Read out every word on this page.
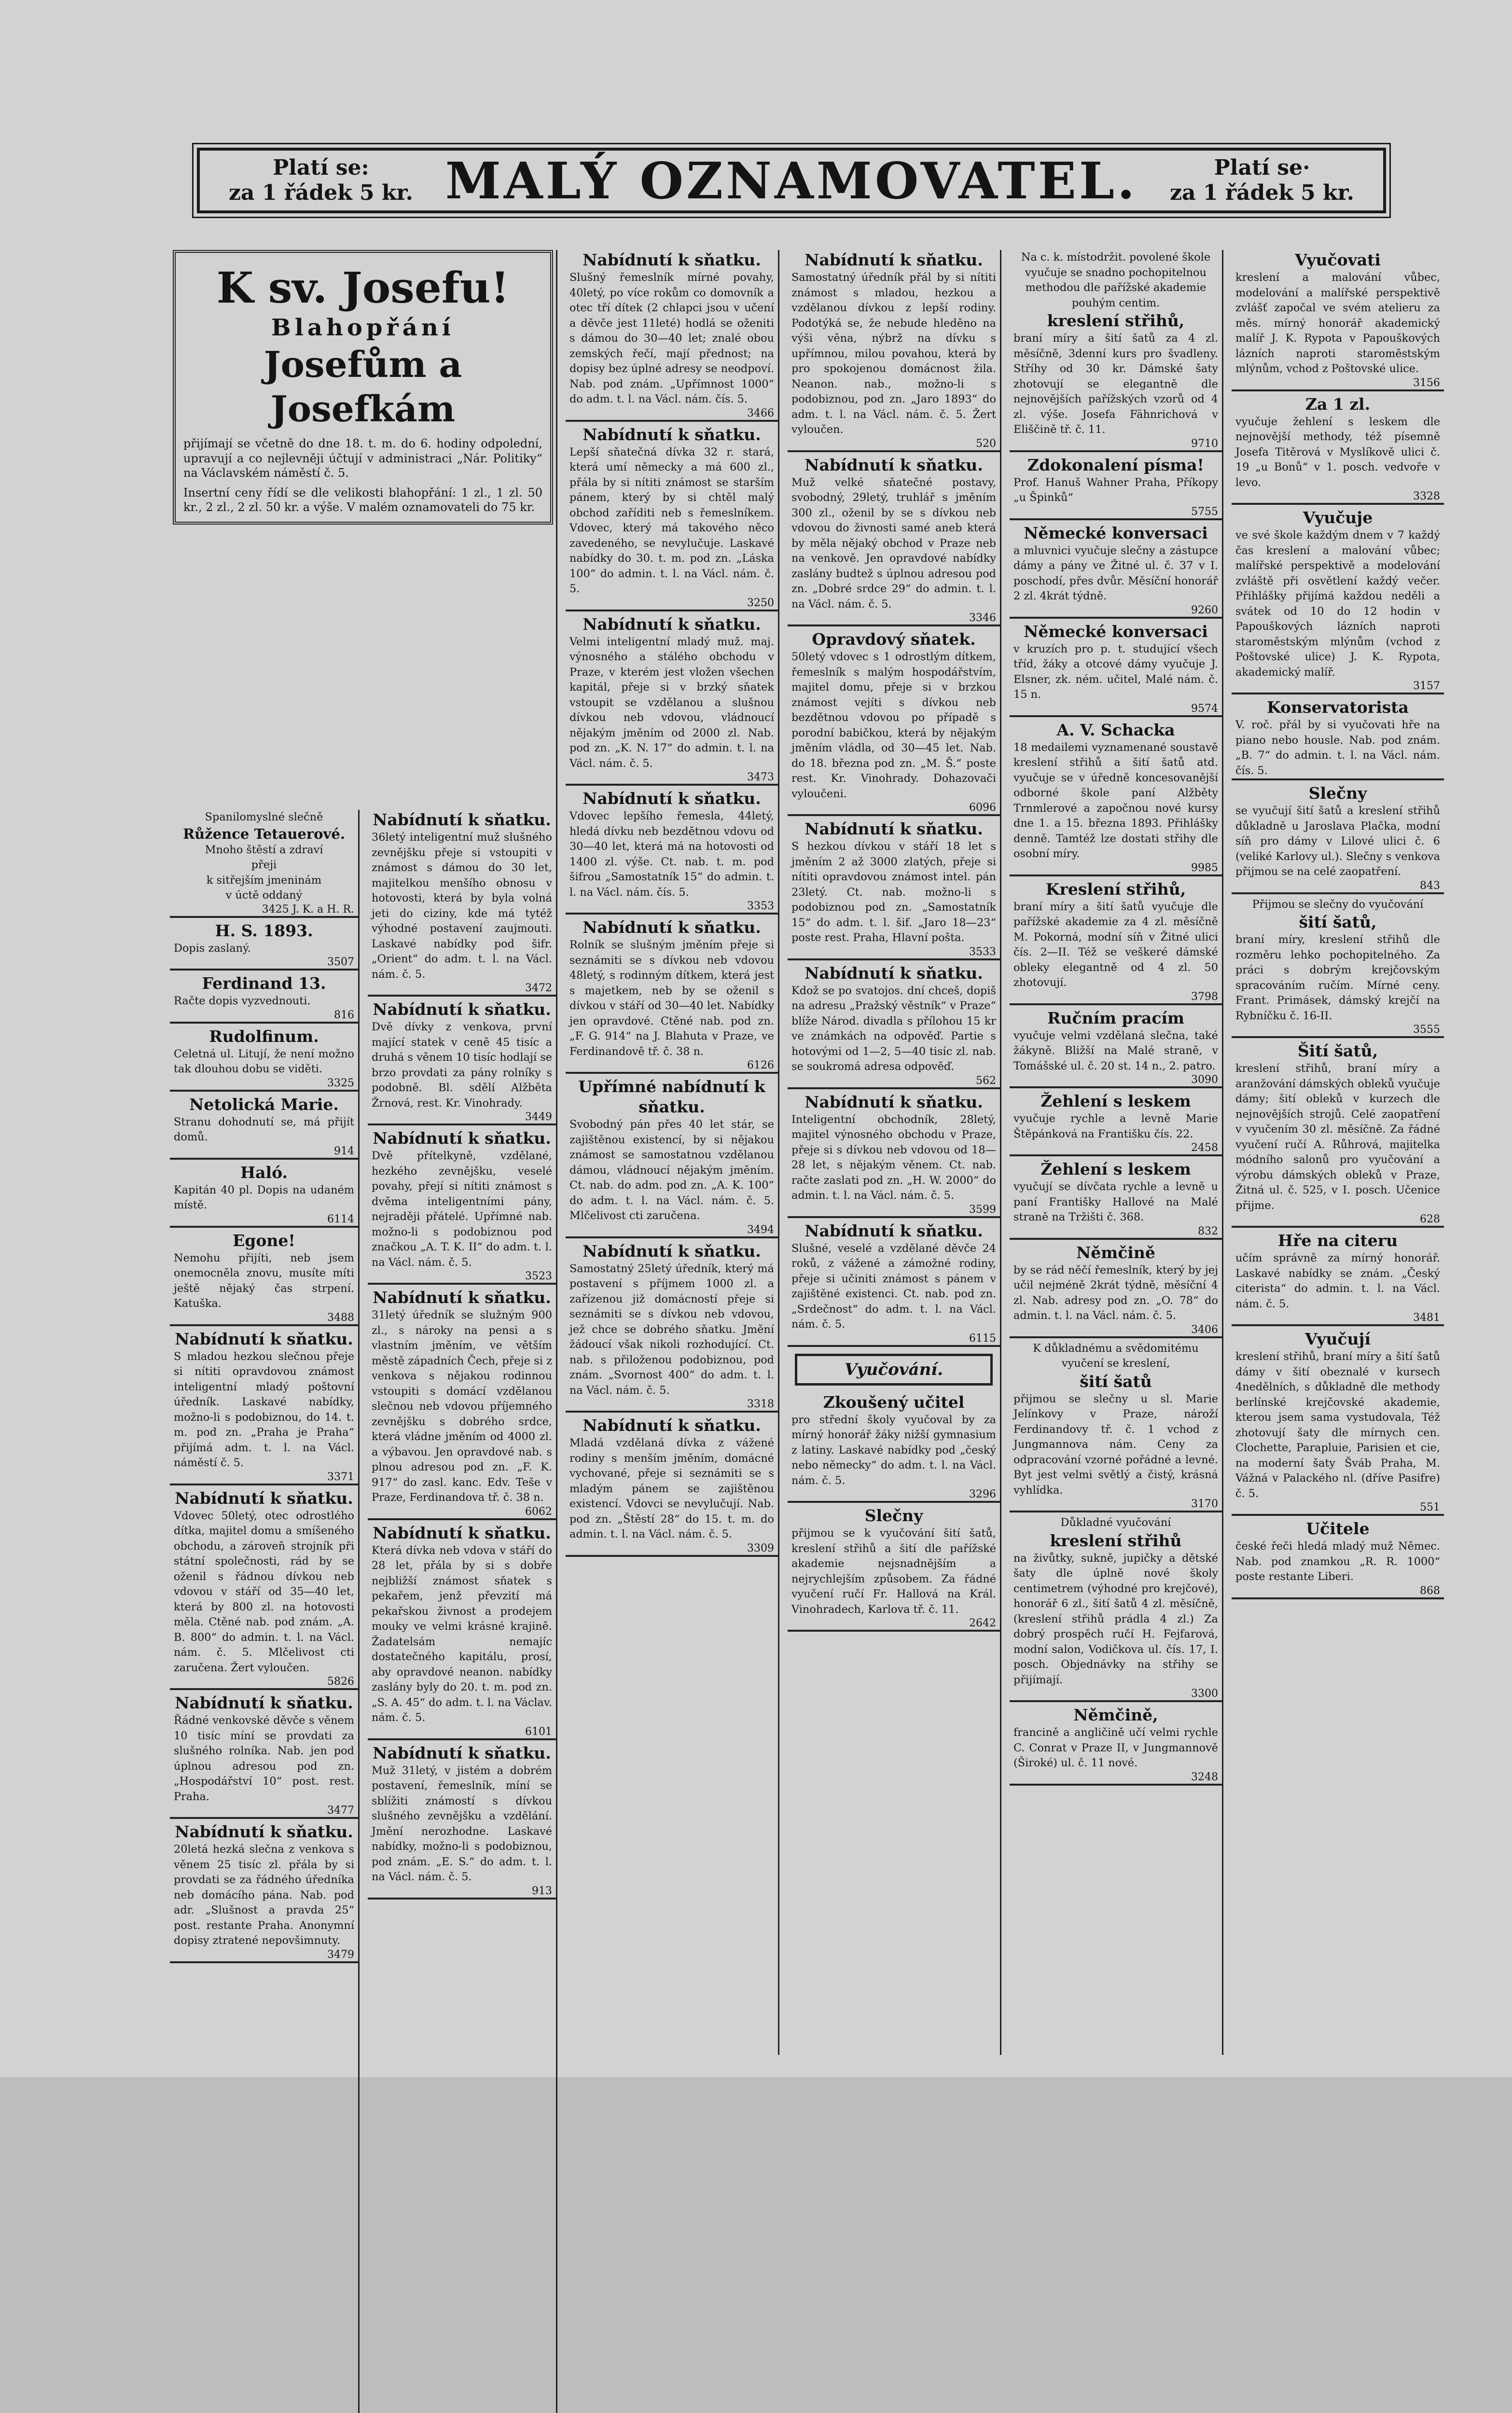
Platí se:
za 1 řádek 5 kr. MALÝ OZNAMOVATEL.	Platí se·
za 1 řádek 5 kr.
K sv. Josefu!
Blahopřání
Josefům a Josefkám
přijímají se včetně do dne 18. t. m. do 6. hodiny odpolední, upravují a co nejlevněji účtují v administraci „Nár. Politiky“ na Václavském náměstí č. 5.
Insertní ceny řídí se dle velikosti blahopřání: 1 zl., 1 zl. 50 kr., 2 zl., 2 zl. 50 kr. a výše. V malém oznamovateli do 75 kr.
Spanilomyslné slečně
Růžence Tetauerové.
Mnoho štěstí a zdraví
přeji
k sitřejším jmeninám
v úctě oddaný
3425 J. K. a H. R.
H. S. 1893.
Dopis zaslaný.
3507
Ferdinand 13.
Račte dopis vyzvednouti.
816
Rudolfinum.
Celetná ul. Litují, že není možno tak dlouhou dobu se viděti.
3325
Netolická Marie.
Stranu dohodnutí se, má přijít domů.
914
Haló.
Kapitán 40 pl. Dopis na udaném místě.
6114
Egone!
Nemohu přijíti, neb jsem onemocněla znovu, musíte míti ještě nějaký čas strpení. Katuška.
3488
Nabídnutí k sňatku.
S mladou hezkou slečnou přeje si nítiti opravdovou známost inteligentní mladý poštovní úředník. Laskavé nabídky, možno-li s podobiznou, do 14. t. m. pod zn. „Praha je Praha“ přijímá adm. t. l. na Václ. náměstí č. 5.
3371
Nabídnutí k sňatku.
Vdovec 50letý, otec odrostlého dítka, majitel domu a smíšeného obchodu, a zároveň strojník při státní společnosti, rád by se oženil s řádnou dívkou neb vdovou v stáří od 35—40 let, která by 800 zl. na hotovosti měla. Ctěné nab. pod znám. „A. B. 800“ do admin. t. l. na Václ. nám. č. 5. Mlčelivost cti zaručena. Žert vyloučen.
5826
Nabídnutí k sňatku.
Řádné venkovské děvče s věnem 10 tisíc míní se provdati za slušného rolníka. Nab. jen pod úplnou adresou pod zn. „Hospodářství 10“ post. rest. Praha.
3477
Nabídnutí k sňatku.
20letá hezká slečna z venkova s věnem 25 tisíc zl. přála by si provdati se za řádného úředníka neb domácího pána. Nab. pod adr. „Slušnost a pravda 25“ post. restante Praha. Anonymní dopisy ztratené nepovšimnuty.
3479
Nabídnutí k sňatku.
36letý inteligentní muž slušného zevnějšku přeje si vstoupiti v známost s dámou do 30 let, majitelkou menšího obnosu v hotovosti, která by byla volná jeti do ciziny, kde má tytéž výhodné postavení zaujmouti. Laskavé nabídky pod šifr. „Orient“ do adm. t. l. na Václ. nám. č. 5.
3472
Nabídnutí k sňatku.
Dvě dívky z venkova, první mající statek v ceně 45 tisíc a druhá s věnem 10 tisíc hodlají se brzo provdati za pány rolníky s podobně. Bl. sdělí Alžběta Žrnová, rest. Kr. Vinohrady.
3449
Nabídnutí k sňatku.
Dvě přítelkyně, vzdělané, hezkého zevnějšku, veselé povahy, přejí si nítiti známost s dvěma inteligentními pány, nejraději přátelé. Upřímné nab. možno-li s podobiznou pod značkou „A. T. K. II“ do adm. t. l. na Václ. nám. č. 5.
3523
Nabídnutí k sňatku.
31letý úředník se služným 900 zl., s nároky na pensi a s vlastním jměním, ve větším městě západních Čech, přeje si z venkova s nějakou rodinnou vstoupiti s domácí vzdělanou slečnou neb vdovou příjemného zevnějšku s dobrého srdce, která vládne jměním od 4000 zl. a výbavou. Jen opravdové nab. s plnou adresou pod zn. „F. K. 917“ do zasl. kanc. Edv. Teše v Praze, Ferdinandova tř. č. 38 n.
6062
Nabídnutí k sňatku.
Která dívka neb vdova v stáří do 28 let, přála by si s dobře nejbližší známost sňatek s pekařem, jenž převzití má pekařskou živnost a prodejem mouky ve velmi krásné krajině. Žadatelsám nemajíc dostatečného kapitálu, prosí, aby opravdové neanon. nabídky zaslány byly do 20. t. m. pod zn. „S. A. 45“ do adm. t. l. na Václav. nám. č. 5.
6101
Nabídnutí k sňatku.
Muž 31letý, v jistém a dobrém postavení, řemeslník, míní se sblížiti známostí s dívkou slušného zevnějšku a vzdělání. Jmění nerozhodne. Laskavé nabídky, možno-li s podobiznou, pod znám. „E. S.“ do adm. t. l. na Václ. nám. č. 5.
913
Nabídnutí k sňatku.
Slušný řemeslník mírné povahy, 40letý, po více rokům co domovník a otec tří dítek (2 chlapci jsou v učení a děvče jest 11leté) hodlá se oženiti s dámou do 30—40 let; znalé obou zemských řečí, mají přednost; na dopisy bez úplné adresy se neodpoví. Nab. pod znám. „Upřímnost 1000“ do adm. t. l. na Václ. nám. čís. 5.
3466
Nabídnutí k sňatku.
Lepší sňatečná dívka 32 r. stará, která umí německy a má 600 zl., přála by si nítiti známost se starším pánem, který by si chtěl malý obchod zaříditi neb s řemeslníkem. Vdovec, který má takového něco zavedeného, se nevylučuje. Laskavé nabídky do 30. t. m. pod zn. „Láska 100“ do admin. t. l. na Václ. nám. č. 5.
3250
Nabídnutí k sňatku.
Velmi inteligentní mladý muž. maj. výnosného a stálého obchodu v Praze, v kterém jest vložen všechen kapitál, přeje si v brzký sňatek vstoupit se vzdělanou a slušnou dívkou neb vdovou, vládnoucí nějakým jměním od 2000 zl. Nab. pod zn. „K. N. 17“ do admin. t. l. na Václ. nám. č. 5.
3473
Nabídnutí k sňatku.
Vdovec lepšího řemesla, 44letý, hledá dívku neb bezdětnou vdovu od 30—40 let, která má na hotovosti od 1400 zl. výše. Ct. nab. t. m. pod šifrou „Samostatník 15“ do admin. t. l. na Václ. nám. čís. 5.
3353
Nabídnutí k sňatku.
Rolník se slušným jměním přeje si seznámiti se s dívkou neb vdovou 48letý, s rodinným dítkem, která jest s majetkem, neb by se oženil s dívkou v stáří od 30—40 let. Nabídky jen opravdové. Ctěné nab. pod zn. „F. G. 914“ na J. Blahuta v Praze, ve Ferdinandově tř. č. 38 n.
6126
Upřímné nabídnutí k sňatku.
Svobodný pán přes 40 let stár, se zajištěnou existencí, by si nějakou známost se samostatnou vzdělanou dámou, vládnoucí nějakým jměním. Ct. nab. do adm. pod zn. „A. K. 100“ do adm. t. l. na Václ. nám. č. 5. Mlčelivost cti zaručena.
3494
Nabídnutí k sňatku.
Samostatný 25letý úředník, který má postavení s příjmem 1000 zl. a zařízenou již domácností přeje si seznámiti se s dívkou neb vdovou, jež chce se dobrého sňatku. Jmění žádoucí však nikoli rozhodující. Ct. nab. s přiloženou podobiznou, pod znám. „Svornost 400“ do adm. t. l. na Václ. nám. č. 5.
3318
Nabídnutí k sňatku.
Mladá vzdělaná dívka z vážené rodiny s menším jměním, domácné vychované, přeje si seznámiti se s mladým pánem se zajištěnou existencí. Vdovci se nevylučují. Nab. pod zn. „Štěstí 28“ do 15. t. m. do admin. t. l. na Václ. nám. č. 5.
3309
Nabídnutí k sňatku.
Samostatný úředník přál by si nítiti známost s mladou, hezkou a vzdělanou dívkou z lepší rodiny. Podotýká se, že nebude hleděno na výši věna, nýbrž na dívku s upřímnou, milou povahou, která by pro spokojenou domácnost žila. Neanon. nab., možno-li s podobiznou, pod zn. „Jaro 1893“ do adm. t. l. na Václ. nám. č. 5. Žert vyloučen.
520
Nabídnutí k sňatku.
Muž velké sňatečné postavy, svobodný, 29letý, truhlář s jměním 300 zl., oženil by se s dívkou neb vdovou do živnosti samé aneb která by měla nějaký obchod v Praze neb na venkově. Jen opravdové nabídky zaslány budtež s úplnou adresou pod zn. „Dobré srdce 29“ do admin. t. l. na Václ. nám. č. 5.
3346
Opravdový sňatek.
50letý vdovec s 1 odrostlým dítkem, řemeslník s malým hospodářstvím, majitel domu, přeje si v brzkou známost vejíti s dívkou neb bezdětnou vdovou po případě s porodní babičkou, která by nějakým jměním vládla, od 30—45 let. Nab. do 18. března pod zn. „M. Š.“ poste rest. Kr. Vinohrady. Dohazovači vyloučeni.
6096
Nabídnutí k sňatku.
S hezkou dívkou v stáří 18 let s jměním 2 až 3000 zlatých, přeje si nítiti opravdovou známost intel. pán 23letý. Ct. nab. možno-li s podobiznou pod zn. „Samostatník 15“ do adm. t. l. šif. „Jaro 18—23“ poste rest. Praha, Hlavní pošta.
3533
Nabídnutí k sňatku.
Kdož se po svatojos. dní chceš, dopiš na adresu „Pražský věstník“ v Praze“ blíže Národ. divadla s přílohou 15 kr ve známkách na odpověď. Partie s hotovými od 1—2, 5—40 tisíc zl. nab. se soukromá adresa odpověď.
562
Nabídnutí k sňatku.
Inteligentní obchodník, 28letý, majitel výnosného obchodu v Praze, přeje si s dívkou neb vdovou od 18—28 let, s nějakým věnem. Ct. nab. račte zaslati pod zn. „H. W. 2000“ do admin. t. l. na Václ. nám. č. 5.
3599
Nabídnutí k sňatku.
Slušné, veselé a vzdělané děvče 24 roků, z vážené a zámožné rodiny, přeje si učiniti známost s pánem v zajištěné existenci. Ct. nab. pod zn. „Srdečnost“ do adm. t. l. na Václ. nám. č. 5.
6115
Vyučování.
Zkoušený učitel
pro střední školy vyučoval by za mírný honorář žáky nižší gymnasium z latiny. Laskavé nabídky pod „český nebo německy“ do adm. t. l. na Václ. nám. č. 5.
3296
Slečny
přijmou se k vyučování šití šatů, kreslení střihů a šití dle pařížské akademie nejsnadnějším a nejrychlejším způsobem. Za řádné vyučení ručí Fr. Hallová na Král. Vinohradech, Karlova tř. č. 11.
2642
Na c. k. místodržit. povolené škole vyučuje se snadno pochopitelnou methodou dle pařížské akademie pouhým centim.
kreslení střihů,
braní míry a šití šatů za 4 zl. měsíčně, 3denní kurs pro švadleny. Stříhy od 30 kr. Dámské šaty zhotovují se elegantně dle nejnovějších pařížských vzorů od 4 zl. výše. Josefa Fähnrichová v Eliščině tř. č. 11.
9710
Zdokonalení písma!
Prof. Hanuš Wahner Praha, Příkopy „u Špinků“
5755
Německé konversaci
a mluvnici vyučuje slečny a zástupce dámy a pány ve Žitné ul. č. 37 v I. poschodí, přes dvůr. Měsíční honorář 2 zl. 4krát týdně.
9260
Německé konversaci
v kruzích pro p. t. studující všech tříd, žáky a otcové dámy vyučuje J. Elsner, zk. ném. učitel, Malé nám. č. 15 n.
9574
A. V. Schacka
18 medailemi vyznamenané soustavě kreslení střihů a šití šatů atd. vyučuje se v úředně koncesovanější odborné škole paní Alžběty Trnmlerové a započnou nové kursy dne 1. a 15. března 1893. Přihlášky denně. Tamtéž lze dostati střihy dle osobní míry.
9985
Kreslení střihů,
braní míry a šití šatů vyučuje dle pařížské akademie za 4 zl. měsíčně M. Pokorná, modní síň v Žitné ulici čís. 2—II. Též se veškeré dámské obleky elegantně od 4 zl. 50 zhotovují.
3798
Ručním pracím
vyučuje velmi vzdělaná slečna, také žákyně. Bližší na Malé straně, v Tomášské ul. č. 20 st. 14 n., 2. patro.
3090
Žehlení s leskem
vyučuje rychle a levně Marie Štěpánková na Františku čís. 22.
2458
Žehlení s leskem
vyučují se dívčata rychle a levně u paní Františky Hallové na Malé straně na Tržišti č. 368.
832
Němčině
by se rád něčí řemeslník, který by jej učil nejméně 2krát týdně, měsíční 4 zl. Nab. adresy pod zn. „O. 78“ do admin. t. l. na Václ. nám. č. 5.
3406
K důkladnému a svědomitému vyučení se kreslení,
šití šatů
přijmou se slečny u sl. Marie Jelínkovy v Praze, nároží Ferdinandovy tř. č. 1 vchod z Jungmannova nám. Ceny za odpracování vzorné pořádné a levné. Byt jest velmi světlý a čistý, krásná vyhlídka.
3170
Důkladné vyučování
kreslení střihů
na živůtky, sukně, jupičky a dětské šaty dle úplně nové školy centimetrem (výhodné pro krejčové), honorář 6 zl., šití šatů 4 zl. měsíčně, (kreslení střihů prádla 4 zl.) Za dobrý prospěch ručí H. Fejfarová, modní salon, Vodičkova ul. čís. 17, I. posch. Objednávky na střihy se přijímají.
3300
Němčině,
francině a angličině učí velmi rychle C. Conrat v Praze II, v Jungmannově (Široké) ul. č. 11 nové.
3248
Vyučovati
kreslení a malování vůbec, modelování a malířské perspektivě zvlášť započal ve svém atelieru za měs. mírný honorář akademický malíř J. K. Rypota v Papouškových lázních naproti staroměstským mlýnům, vchod z Poštovské ulice.
3156
Za 1 zl.
vyučuje žehlení s leskem dle nejnovější methody, též písemně Josefa Titěrová v Myslíkově ulici č. 19 „u Bonů“ v 1. posch. vedvoře v levo.
3328
Vyučuje
ve své škole každým dnem v 7 každý čas kreslení a malování vůbec; malířské perspektivě a modelování zvláště při osvětlení každý večer. Přihlášky přijímá každou neděli a svátek od 10 do 12 hodin v Papouškových lázních naproti staroměstským mlýnům (vchod z Poštovské ulice) J. K. Rypota, akademický malíř.
3157
Konservatorista
V. roč. přál by si vyučovati hře na piano nebo housle. Nab. pod znám. „B. 7“ do admin. t. l. na Václ. nám. čís. 5.
Slečny
se vyučují šití šatů a kreslení střihů důkladně u Jaroslava Plačka, modní síň pro dámy v Lilové ulici č. 6 (veliké Karlovy ul.). Slečny s venkova přijmou se na celé zaopatření.
843
Přijmou se slečny do vyučování
šití šatů,
braní míry, kreslení střihů dle rozměru lehko pochopitelného. Za práci s dobrým krejčovským spracováním ručím. Mírné ceny. Frant. Primásek, dámský krejčí na Rybníčku č. 16-II.
3555
Šití šatů,
kreslení střihů, braní míry a aranžování dámských obleků vyučuje dámy; šití obleků v kurzech dle nejnovějších strojů. Celé zaopatření v vyučením 30 zl. měsíčně. Za řádné vyučení ručí A. Růhrová, majitelka módního salonů pro vyučování a výrobu dámských obleků v Praze, Žitná ul. č. 525, v I. posch. Učenice přijme.
628
Hře na citeru
učím správně za mírný honorář. Laskavé nabídky se znám. „Český citerista“ do admin. t. l. na Václ. nám. č. 5.
3481
Vyučují
kreslení střihů, braní míry a šití šatů dámy v šití obeznalé v kursech 4nedělních, s důkladně dle methody berlínské krejčovské akademie, kterou jsem sama vystudovala, Též zhotovují šaty dle mírnych cen. Clochette, Parapluie, Parisien et cie, na moderní šaty Šváb Praha, M. Vážná v Palackého nl. (dříve Pasifre) č. 5.
551
Učitele
české řeči hledá mladý muž Němec. Nab. pod znamkou „R. R. 1000“ poste restante Liberi.
868
